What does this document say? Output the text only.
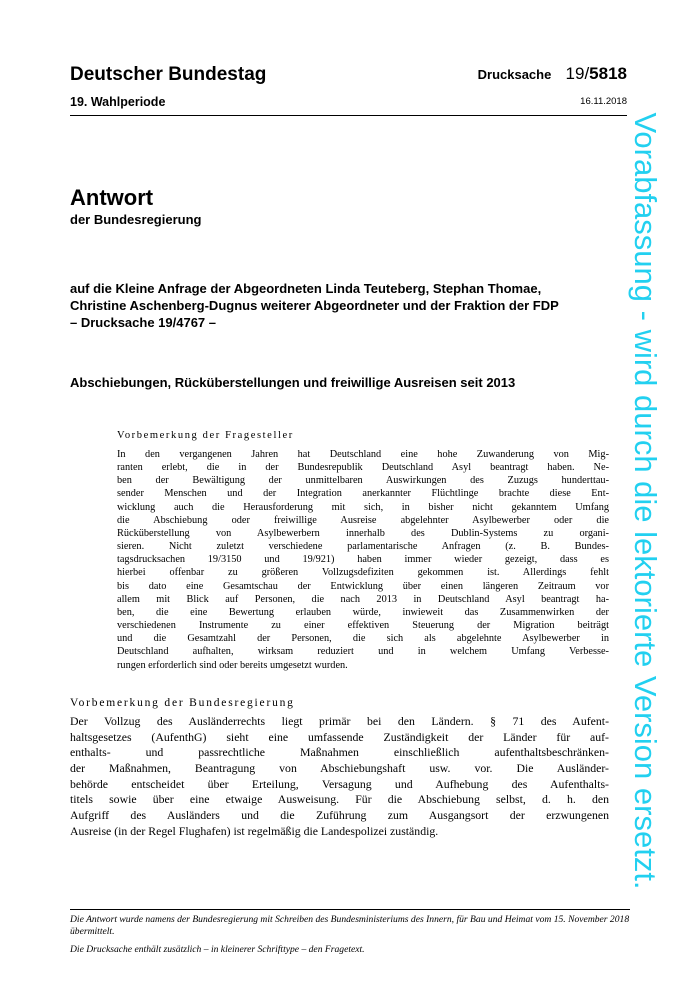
Deutscher Bundestag
19. Wahlperiode
Drucksache 19/5818
16.11.2018
Antwort
der Bundesregierung
auf die Kleine Anfrage der Abgeordneten Linda Teuteberg, Stephan Thomae,
Christine Aschenberg-Dugnus weiterer Abgeordneter und der Fraktion der FDP
– Drucksache 19/4767 –
Abschiebungen, Rücküberstellungen und freiwillige Ausreisen seit 2013
Vorbemerkung der Fragesteller
In den vergangenen Jahren hat Deutschland eine hohe Zuwanderung von Mig-
ranten erlebt, die in der Bundesrepublik Deutschland Asyl beantragt haben. Ne-
ben der Bewältigung der unmittelbaren Auswirkungen des Zuzugs hunderttau-
sender Menschen und der Integration anerkannter Flüchtlinge brachte diese Ent-
wicklung auch die Herausforderung mit sich, in bisher nicht gekanntem Umfang
die Abschiebung oder freiwillige Ausreise abgelehnter Asylbewerber oder die
Rücküberstellung von Asylbewerbern innerhalb des Dublin-Systems zu organi-
sieren. Nicht zuletzt verschiedene parlamentarische Anfragen (z. B. Bundes-
tagsdrucksachen 19/3150 und 19/921) haben immer wieder gezeigt, dass es
hierbei offenbar zu größeren Vollzugsdefiziten gekommen ist. Allerdings fehlt
bis dato eine Gesamtschau der Entwicklung über einen längeren Zeitraum vor
allem mit Blick auf Personen, die nach 2013 in Deutschland Asyl beantragt ha-
ben, die eine Bewertung erlauben würde, inwieweit das Zusammenwirken der
verschiedenen Instrumente zu einer effektiven Steuerung der Migration beiträgt
und die Gesamtzahl der Personen, die sich als abgelehnte Asylbewerber in
Deutschland aufhalten, wirksam reduziert und in welchem Umfang Verbesse-
rungen erforderlich sind oder bereits umgesetzt wurden.
Vorbemerkung der Bundesregierung
Der Vollzug des Ausländerrechts liegt primär bei den Ländern. § 71 des Aufent-
haltsgesetzes (AufenthG) sieht eine umfassende Zuständigkeit der Länder für auf-
enthalts- und passrechtliche Maßnahmen einschließlich aufenthaltsbeschränken-
der Maßnahmen, Beantragung von Abschiebungshaft usw. vor. Die Ausländer-
behörde entscheidet über Erteilung, Versagung und Aufhebung des Aufenthalts-
titels sowie über eine etwaige Ausweisung. Für die Abschiebung selbst, d. h. den
Aufgriff des Ausländers und die Zuführung zum Ausgangsort der erzwungenen
Ausreise (in der Regel Flughafen) ist regelmäßig die Landespolizei zuständig.
Die Antwort wurde namens der Bundesregierung mit Schreiben des Bundesministeriums des Innern, für Bau und Heimat vom 15. November 2018 übermittelt.
Die Drucksache enthält zusätzlich – in kleinerer Schrifttype – den Fragetext.
Vorabfassung - wird durch die lektorierte Version ersetzt.
